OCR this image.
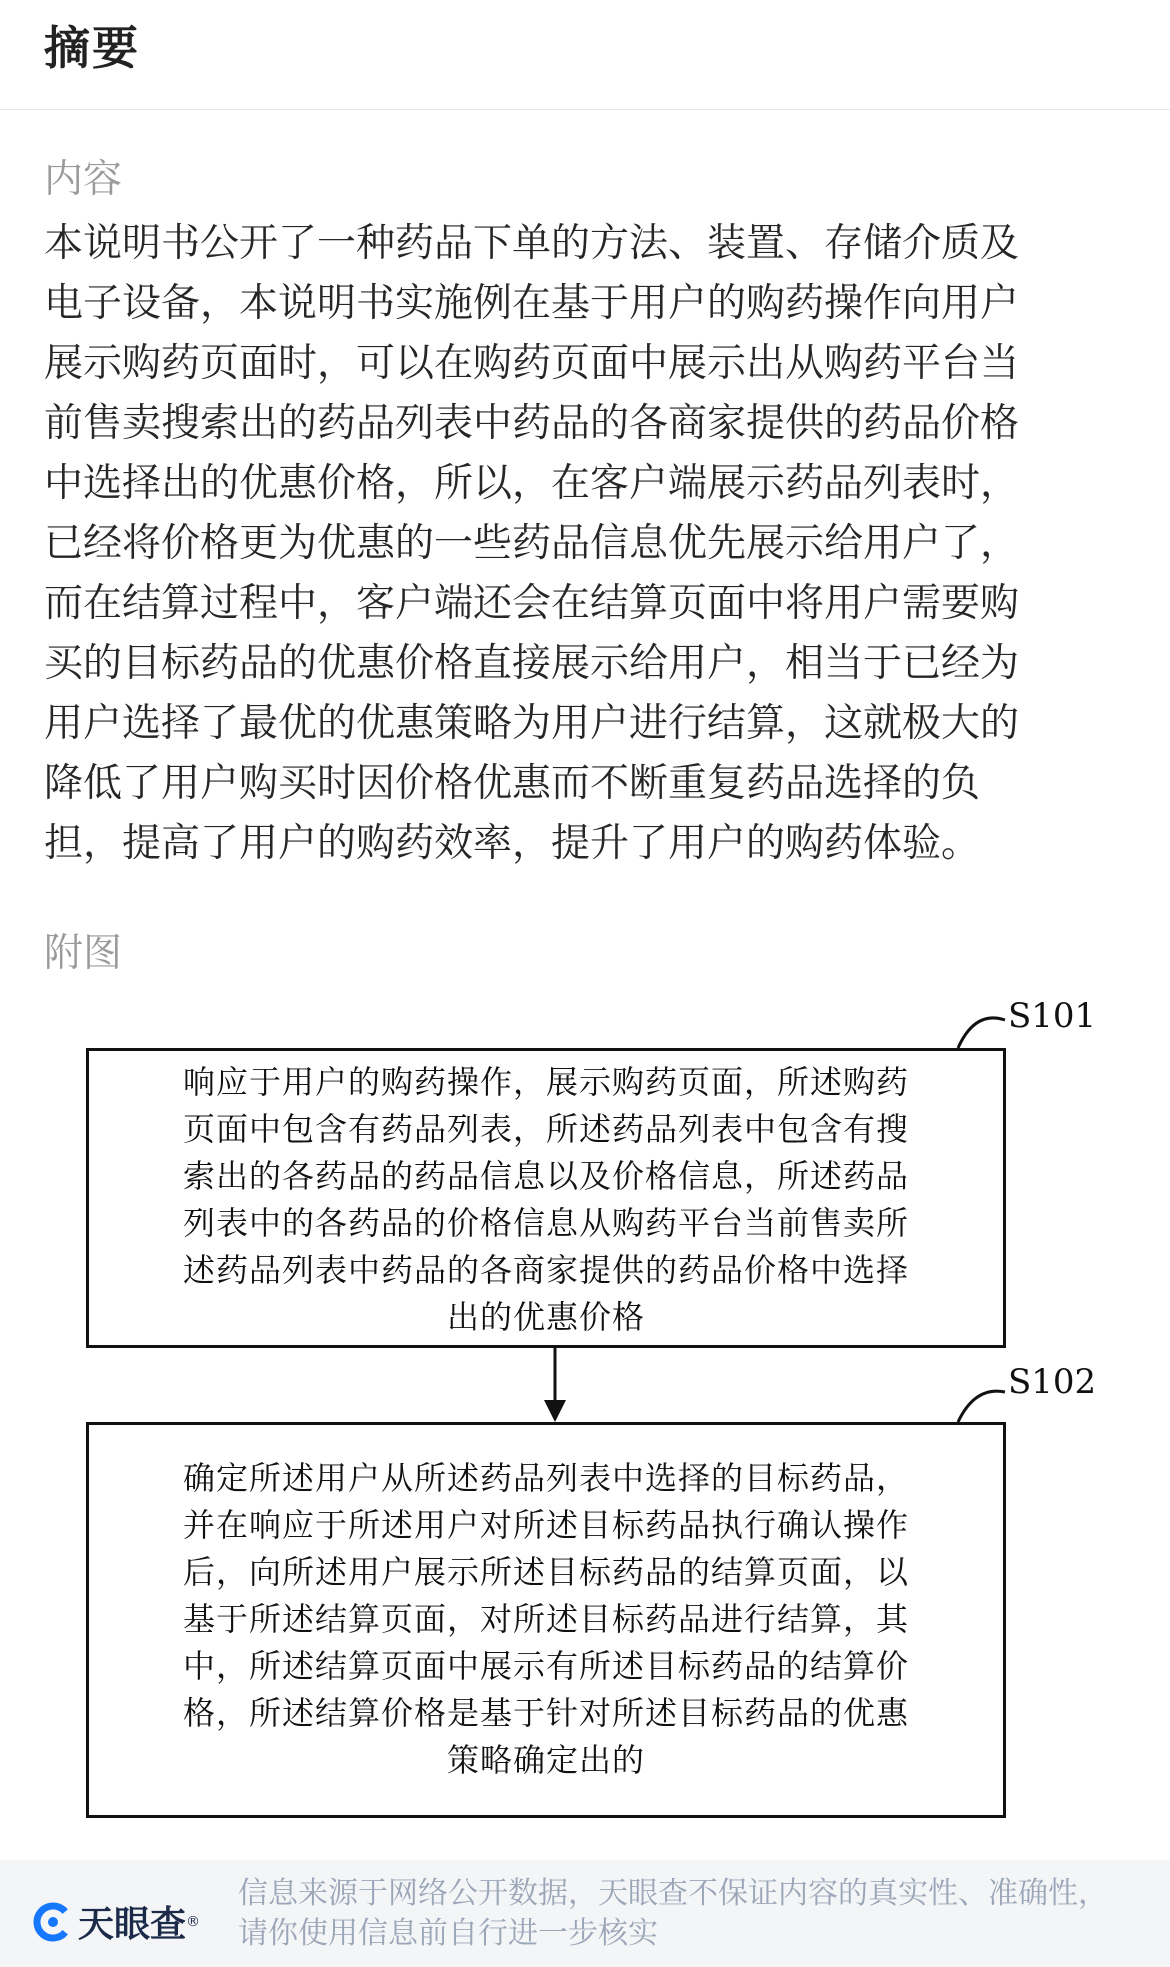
摘要
内容
本说明书公开了一种药品下单的方法、装置、存储介质及
电子设备，本说明书实施例在基于用户的购药操作向用户
展示购药页面时，可以在购药页面中展示出从购药平台当
前售卖搜索出的药品列表中药品的各商家提供的药品价格
中选择出的优惠价格，所以，在客户端展示药品列表时，
已经将价格更为优惠的一些药品信息优先展示给用户了，
而在结算过程中，客户端还会在结算页面中将用户需要购
买的目标药品的优惠价格直接展示给用户，相当于已经为
用户选择了最优的优惠策略为用户进行结算，这就极大的
降低了用户购买时因价格优惠而不断重复药品选择的负
担，提高了用户的购药效率，提升了用户的购药体验。
附图
S101
响应于用户的购药操作，展示购药页面，所述购药
页面中包含有药品列表，所述药品列表中包含有搜
索出的各药品的药品信息以及价格信息，所述药品
列表中的各药品的价格信息从购药平台当前售卖所
述药品列表中药品的各商家提供的药品价格中选择
出的优惠价格
S102
确定所述用户从所述药品列表中选择的目标药品，
并在响应于所述用户对所述目标药品执行确认操作
后，向所述用户展示所述目标药品的结算页面，以
基于所述结算页面，对所述目标药品进行结算，其
中，所述结算页面中展示有所述目标药品的结算价
格，所述结算价格是基于针对所述目标药品的优惠
策略确定出的
天眼查 ®
信息来源于网络公开数据，天眼查不保证内容的真实性、准确性，
请你使用信息前自行进一步核实
